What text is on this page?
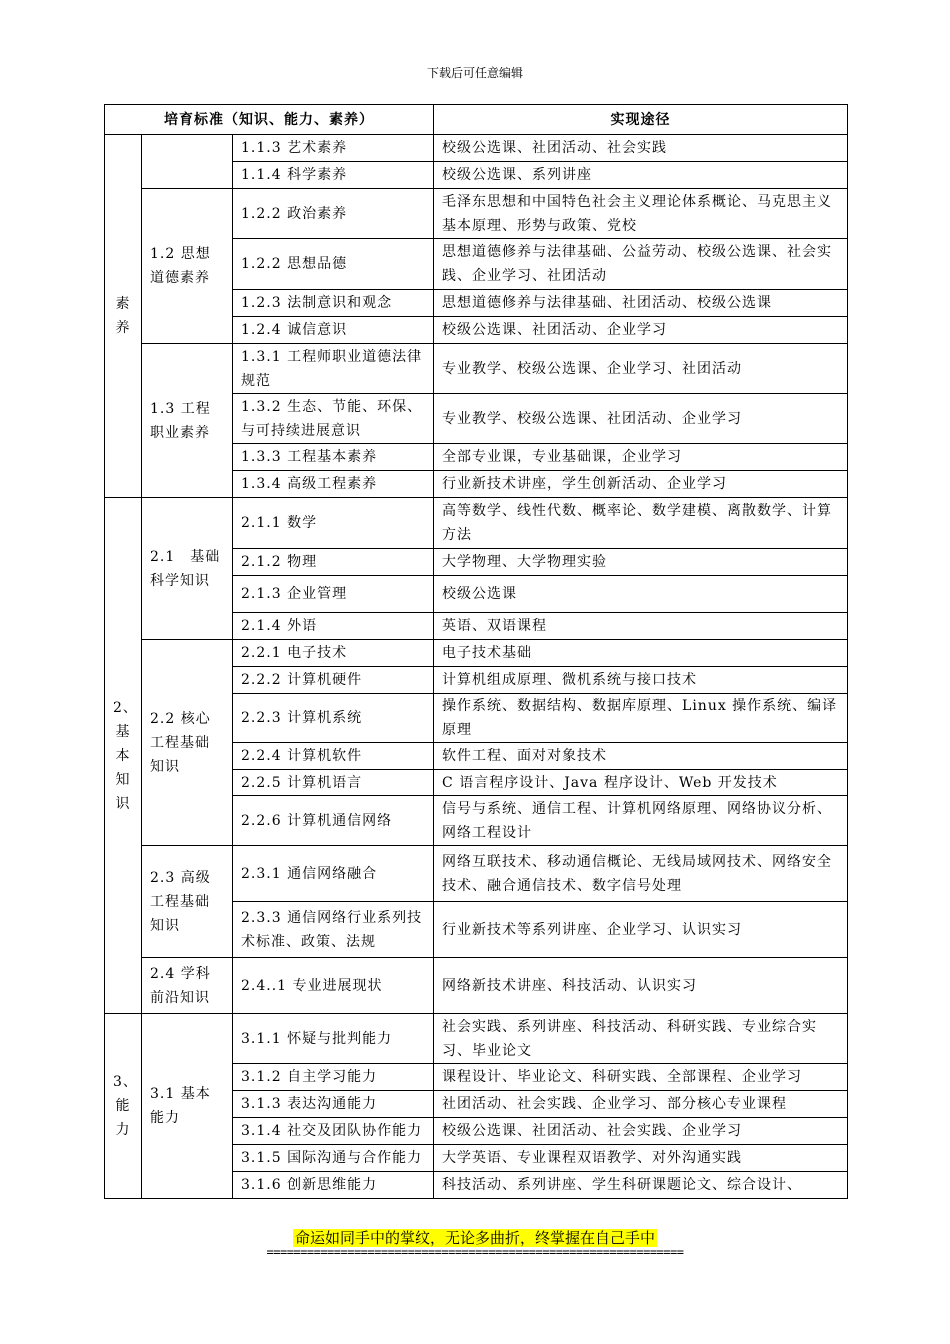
下载后可任意编辑
培育标准（知识、能力、素养）			实现途径
素养		1.1.3 艺术素养	校级公选课、社团活动、社会实践
		1.1.4 科学素养	校级公选课、系列讲座
	1.2 思想道德素养	1.2.2 政治素养	毛泽东思想和中国特色社会主义理论体系概论、马克思主义基本原理、形势与政策、党校
		1.2.2 思想品德	思想道德修养与法律基础、公益劳动、校级公选课、社会实践、企业学习、社团活动
		1.2.3 法制意识和观念	思想道德修养与法律基础、社团活动、校级公选课
		1.2.4 诚信意识	校级公选课、社团活动、企业学习
	1.3 工程职业素养	1.3.1 工程师职业道德法律规范	专业教学、校级公选课、企业学习、社团活动
		1.3.2 生态、节能、环保、与可持续进展意识	专业教学、校级公选课、社团活动、企业学习
		1.3.3 工程基本素养	全部专业课，专业基础课，企业学习
		1.3.4 高级工程素养	行业新技术讲座，学生创新活动、企业学习
2、基本知识	2.1　基础科学知识	2.1.1 数学	高等数学、线性代数、概率论、数学建模、离散数学、计算方法
		2.1.2 物理	大学物理、大学物理实验
		2.1.3 企业管理	校级公选课
		2.1.4 外语	英语、双语课程
	2.2 核心工程基础知识	2.2.1 电子技术	电子技术基础
		2.2.2 计算机硬件	计算机组成原理、微机系统与接口技术
		2.2.3 计算机系统	操作系统、数据结构、数据库原理、Linux 操作系统、编译原理
		2.2.4 计算机软件	软件工程、面对对象技术
		2.2.5 计算机语言	C 语言程序设计、Java 程序设计、Web 开发技术
		2.2.6 计算机通信网络	信号与系统、通信工程、计算机网络原理、网络协议分析、网络工程设计
	2.3 高级工程基础知识	2.3.1 通信网络融合	网络互联技术、移动通信概论、无线局域网技术、网络安全技术、融合通信技术、数字信号处理
		2.3.3 通信网络行业系列技术标准、政策、法规	行业新技术等系列讲座、企业学习、认识实习
	2.4 学科前沿知识	2.4..1 专业进展现状	网络新技术讲座、科技活动、认识实习
3、能力	3.1 基本能力	3.1.1 怀疑与批判能力	社会实践、系列讲座、科技活动、科研实践、专业综合实习、毕业论文
		3.1.2 自主学习能力	课程设计、毕业论文、科研实践、全部课程、企业学习
		3.1.3 表达沟通能力	社团活动、社会实践、企业学习、部分核心专业课程
		3.1.4 社交及团队协作能力	校级公选课、社团活动、社会实践、企业学习
		3.1.5 国际沟通与合作能力	大学英语、专业课程双语教学、对外沟通实践
		3.1.6 创新思维能力	科技活动、系列讲座、学生科研课题论文、综合设计、
命运如同手中的掌纹，无论多曲折，终掌握在自己手中
==============================================================
